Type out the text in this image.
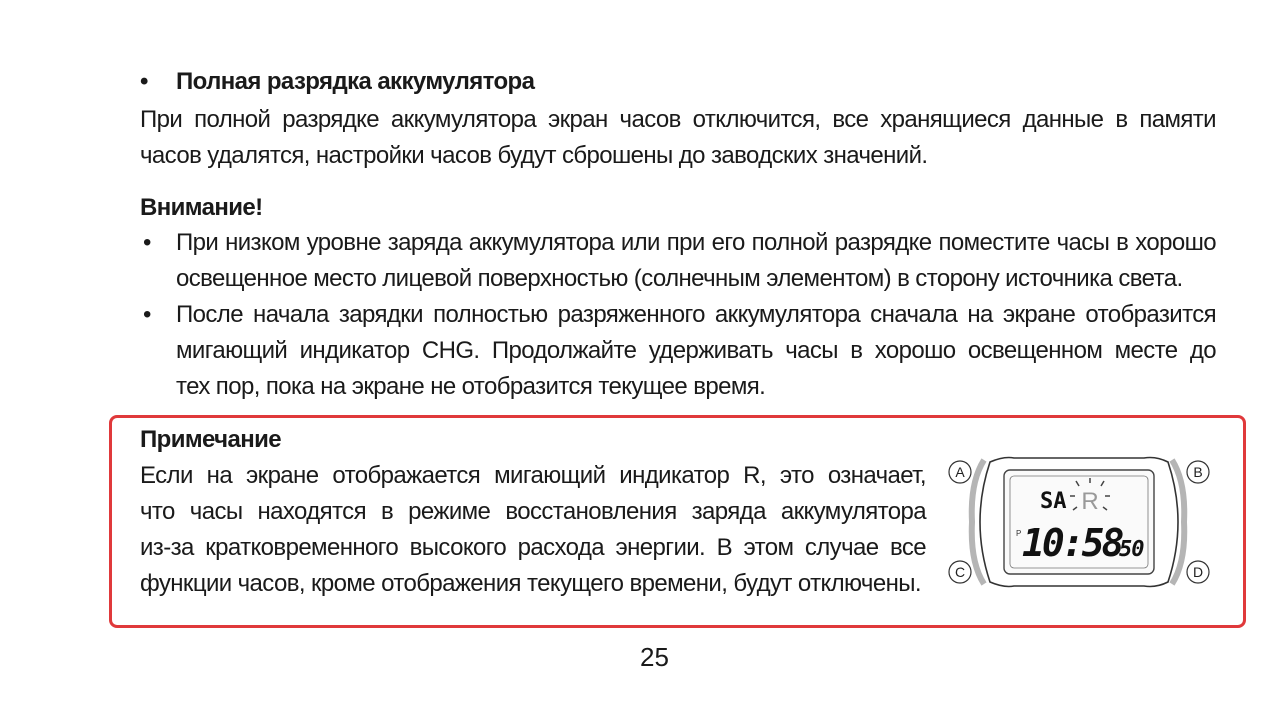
• Полная разрядка аккумулятора
При полной разрядке аккумулятора экран часов отключится, все хранящиеся данные в памяти
часов удалятся, настройки часов будут сброшены до заводских значений.
Внимание!
• При низком уровне заряда аккумулятора или при его полной разрядке поместите часы в хорошо
освещенное место лицевой поверхностью (солнечным элементом) в сторону источника света.
• После начала зарядки полностью разряженного аккумулятора сначала на экране отобразится
мигающий индикатор CHG. Продолжайте удерживать часы в хорошо освещенном месте до
тех пор, пока на экране не отобразится текущее время.
Примечание
Если на экране отображается мигающий индикатор R, это означает,
что часы находятся в режиме восстановления заряда аккумулятора
из-за кратковременного высокого расхода энергии. В этом случае все
функции часов, кроме отображения текущего времени, будут отключены.
A	B
C	D
SA R
P 10:58
50
25
